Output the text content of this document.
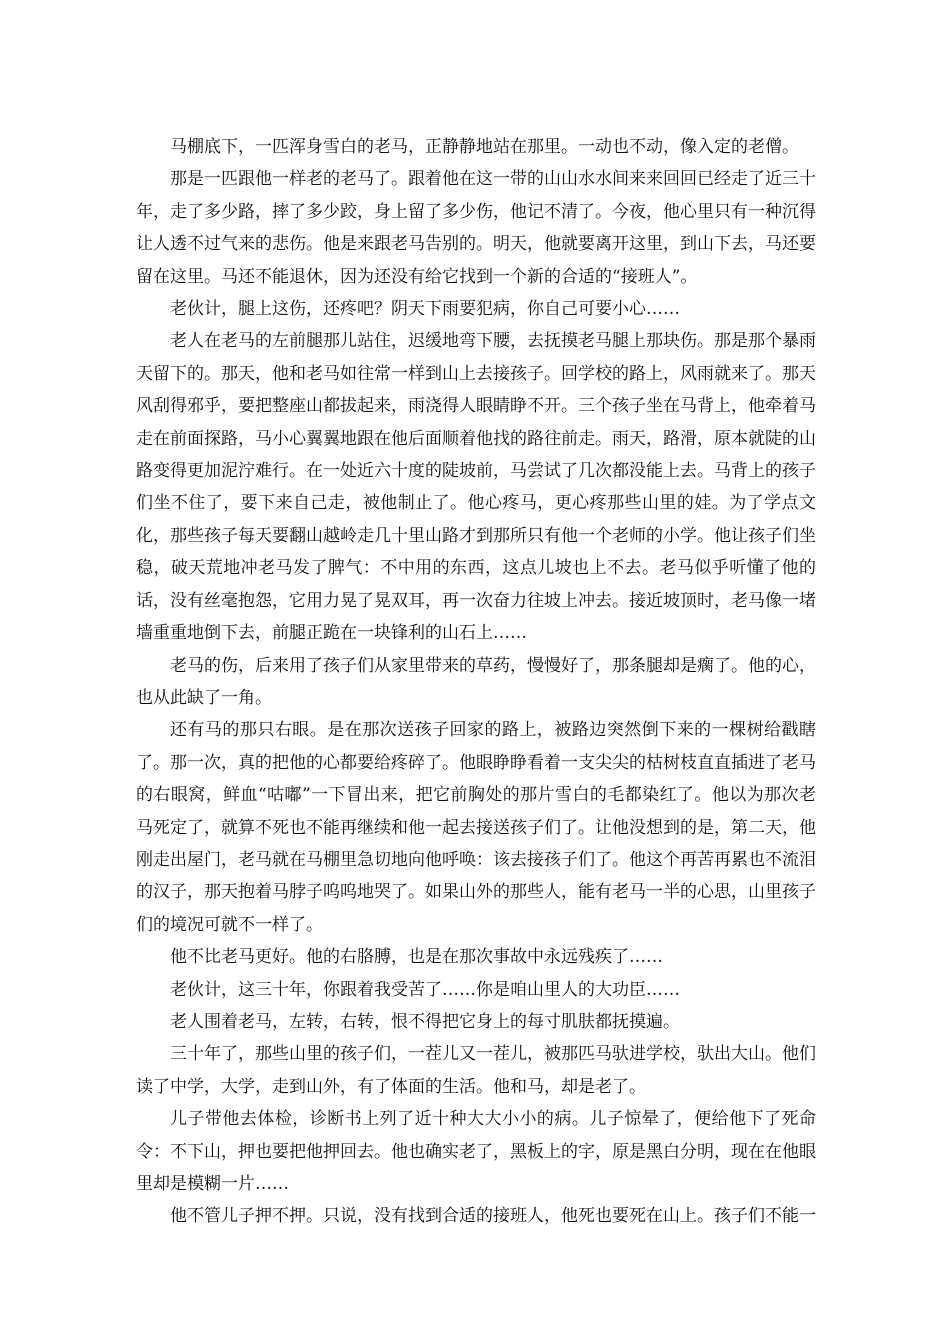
马棚底下，一匹浑身雪白的老马，正静静地站在那里。一动也不动，像入定的老僧。

那是一匹跟他一样老的老马了。跟着他在这一带的山山水水间来来回回已经走了近三十年，走了多少路，摔了多少跤，身上留了多少伤，他记不清了。今夜，他心里只有一种沉得让人透不过气来的悲伤。他是来跟老马告别的。明天，他就要离开这里，到山下去，马还要留在这里。马还不能退休，因为还没有给它找到一个新的合适的“接班人”。

老伙计，腿上这伤，还疼吧？阴天下雨要犯病，你自己可要小心……

老人在老马的左前腿那儿站住，迟缓地弯下腰，去抚摸老马腿上那块伤。那是那个暴雨天留下的。那天，他和老马如往常一样到山上去接孩子。回学校的路上，风雨就来了。那天风刮得邪乎，要把整座山都拔起来，雨浇得人眼睛睁不开。三个孩子坐在马背上，他牵着马走在前面探路，马小心翼翼地跟在他后面顺着他找的路往前走。雨天，路滑，原本就陡的山路变得更加泥泞难行。在一处近六十度的陡坡前，马尝试了几次都没能上去。马背上的孩子们坐不住了，要下来自己走，被他制止了。他心疼马，更心疼那些山里的娃。为了学点文化，那些孩子每天要翻山越岭走几十里山路才到那所只有他一个老师的小学。他让孩子们坐稳，破天荒地冲老马发了脾气：不中用的东西，这点儿坡也上不去。老马似乎听懂了他的话，没有丝毫抱怨，它用力晃了晃双耳，再一次奋力往坡上冲去。接近坡顶时，老马像一堵墙重重地倒下去，前腿正跪在一块锋利的山石上……

老马的伤，后来用了孩子们从家里带来的草药，慢慢好了，那条腿却是瘸了。他的心，也从此缺了一角。

还有马的那只右眼。是在那次送孩子回家的路上，被路边突然倒下来的一棵树给戳瞎了。那一次，真的把他的心都要给疼碎了。他眼睁睁看着一支尖尖的枯树枝直直插进了老马的右眼窝，鲜血“咕嘟”一下冒出来，把它前胸处的那片雪白的毛都染红了。他以为那次老马死定了，就算不死也不能再继续和他一起去接送孩子们了。让他没想到的是，第二天，他刚走出屋门，老马就在马棚里急切地向他呼唤：该去接孩子们了。他这个再苦再累也不流泪的汉子，那天抱着马脖子呜呜地哭了。如果山外的那些人，能有老马一半的心思，山里孩子们的境况可就不一样了。

他不比老马更好。他的右胳膊，也是在那次事故中永远残疾了……

老伙计，这三十年，你跟着我受苦了……你是咱山里人的大功臣……

老人围着老马，左转，右转，恨不得把它身上的每寸肌肤都抚摸遍。

三十年了，那些山里的孩子们，一茬儿又一茬儿，被那匹马驮进学校，驮出大山。他们读了中学，大学，走到山外，有了体面的生活。他和马，却是老了。

儿子带他去体检，诊断书上列了近十种大大小小的病。儿子惊晕了，便给他下了死命令：不下山，押也要把他押回去。他也确实老了，黑板上的字，原是黑白分明，现在在他眼里却是模糊一片……

他不管儿子押不押。只说，没有找到合适的接班人，他死也要死在山上。孩子们不能一
